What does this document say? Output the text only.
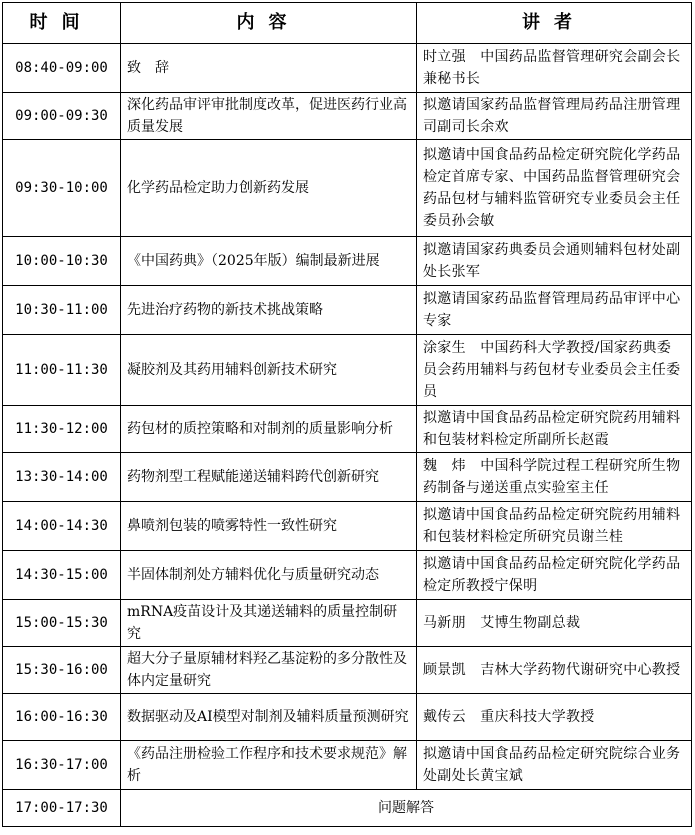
时间	内容	讲者
08:40-09:00	致　辞	时立强　中国药品监督管理研究会副会长兼秘书长
09:00-09:30	深化药品审评审批制度改革，促进医药行业高质量发展	拟邀请国家药品监督管理局药品注册管理司副司长余欢
09:30-10:00	化学药品检定助力创新药发展	拟邀请中国食品药品检定研究院化学药品检定首席专家、中国药品监督管理研究会药品包材与辅料监管研究专业委员会主任委员孙会敏
10:00-10:30	《中国药典》（2025年版）编制最新进展	拟邀请国家药典委员会通则辅料包材处副处长张军
10:30-11:00	先进治疗药物的新技术挑战策略	拟邀请国家药品监督管理局药品审评中心专家
11:00-11:30	凝胶剂及其药用辅料创新技术研究	涂家生　中国药科大学教授/国家药典委员会药用辅料与药包材专业委员会主任委员
11:30-12:00	药包材的质控策略和对制剂的质量影响分析	拟邀请中国食品药品检定研究院药用辅料和包装材料检定所副所长赵霞
13:30-14:00	药物剂型工程赋能递送辅料跨代创新研究	魏　炜　中国科学院过程工程研究所生物药制备与递送重点实验室主任
14:00-14:30	鼻喷剂包装的喷雾特性一致性研究	拟邀请中国食品药品检定研究院药用辅料和包装材料检定所研究员谢兰桂
14:30-15:00	半固体制剂处方辅料优化与质量研究动态	拟邀请中国食品药品检定研究院化学药品检定所教授宁保明
15:00-15:30	mRNA疫苗设计及其递送辅料的质量控制研究	马新朋　艾博生物副总裁
15:30-16:00	超大分子量原辅材料羟乙基淀粉的多分散性及体内定量研究	顾景凯　吉林大学药物代谢研究中心教授
16:00-16:30	数据驱动及AI模型对制剂及辅料质量预测研究	戴传云　重庆科技大学教授
16:30-17:00	《药品注册检验工作程序和技术要求规范》解析	拟邀请中国食品药品检定研究院综合业务处副处长黄宝斌
17:00-17:30	问题解答	
